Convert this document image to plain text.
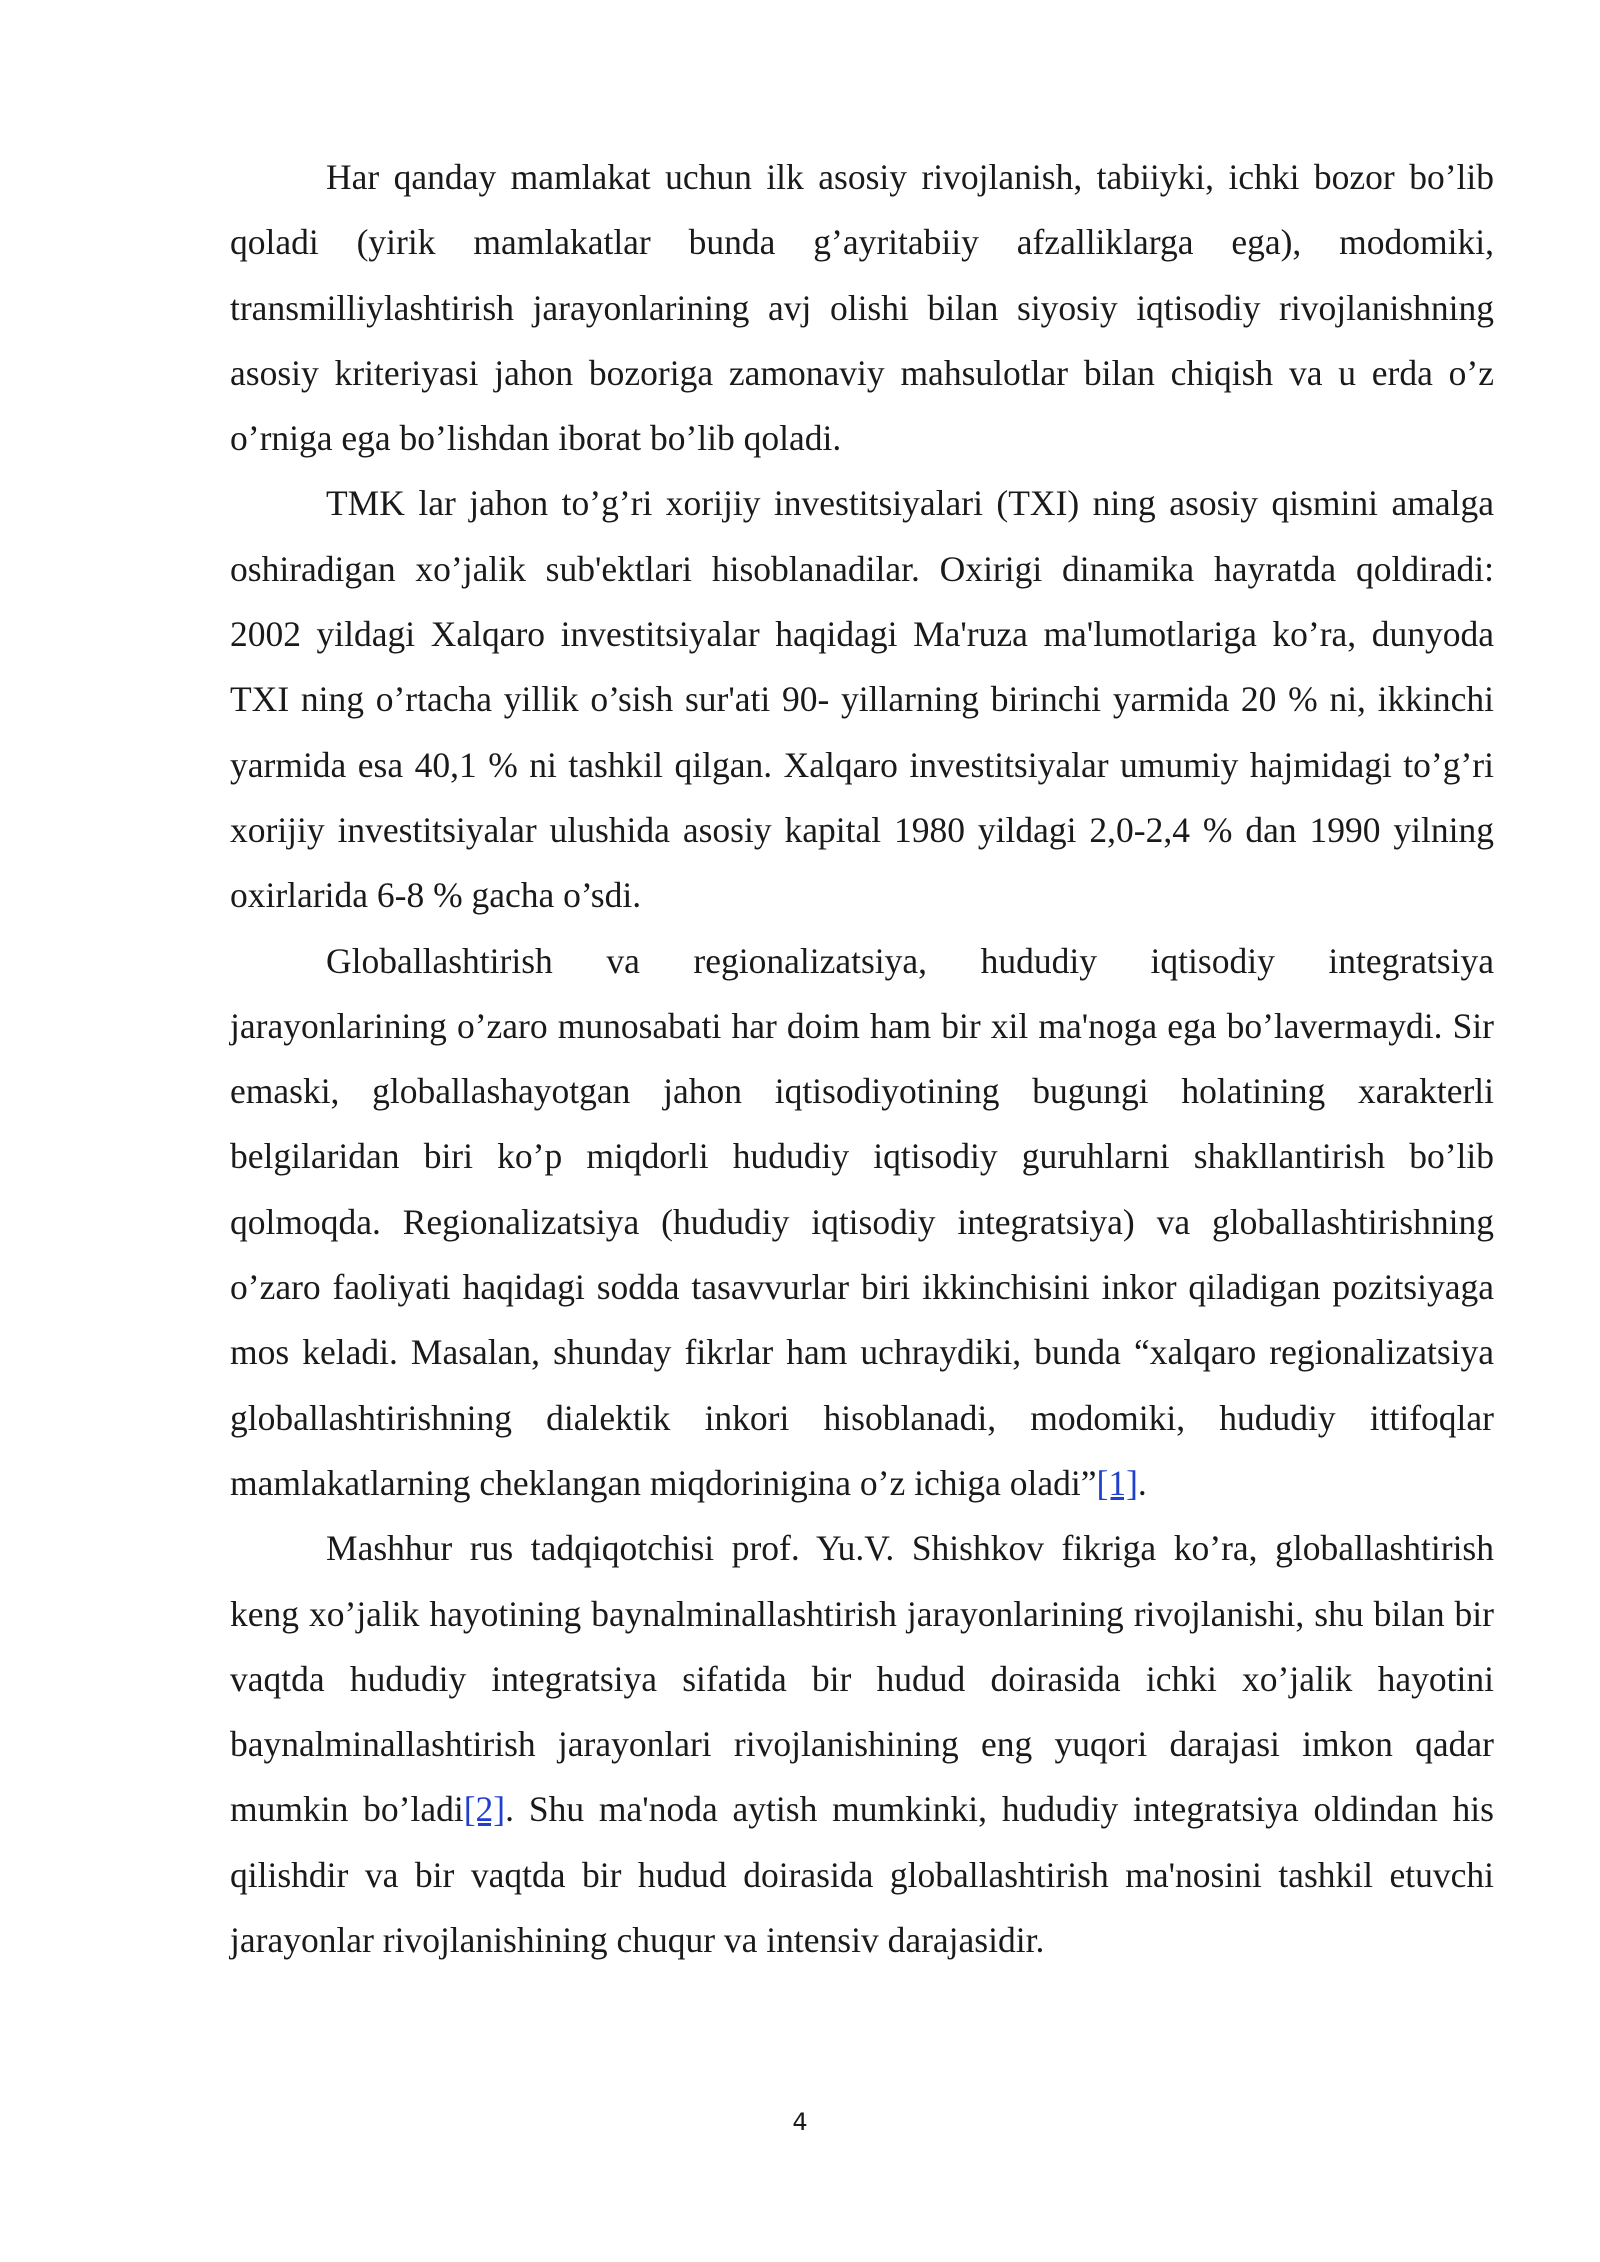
Har qanday mamlakat uchun ilk asosiy rivojlanish, tabiiyki, ichki bozor bo’lib qoladi (yirik mamlakatlar bunda g’ayritabiiy afzalliklarga ega), modomiki, transmilliylashtirish jarayonlarining avj olishi bilan siyosiy iqtisodiy rivojlanishning asosiy kriteriyasi jahon bozoriga zamonaviy mahsulotlar bilan chiqish va u erda o’z o’rniga ega bo’lishdan iborat bo’lib qoladi.

TMK lar jahon to’g’ri xorijiy investitsiyalari (TXI) ning asosiy qismini amalga oshiradigan xo’jalik sub'ektlari hisoblanadilar. Oxirigi dinamika hayratda qoldiradi: 2002 yildagi Xalqaro investitsiyalar haqidagi Ma'ruza ma'lumotlariga ko’ra, dunyoda TXI ning o’rtacha yillik o’sish sur'ati 90- yillarning birinchi yarmida 20 % ni, ikkinchi yarmida esa 40,1 % ni tashkil qilgan. Xalqaro investitsiyalar umumiy hajmidagi to’g’ri xorijiy investitsiyalar ulushida asosiy kapital 1980 yildagi 2,0-2,4 % dan 1990 yilning oxirlarida 6-8 % gacha o’sdi.

Globallashtirish va regionalizatsiya, hududiy iqtisodiy integratsiya jarayonlarining o’zaro munosabati har doim ham bir xil ma'noga ega bo’lavermaydi. Sir emaski, globallashayotgan jahon iqtisodiyotining bugungi holatining xarakterli belgilaridan biri ko’p miqdorli hududiy iqtisodiy guruhlarni shakllantirish bo’lib qolmoqda. Regionalizatsiya (hududiy iqtisodiy integratsiya) va globallashtirishning o’zaro faoliyati haqidagi sodda tasavvurlar biri ikkinchisini inkor qiladigan pozitsiyaga mos keladi. Masalan, shunday fikrlar ham uchraydiki, bunda “xalqaro regionalizatsiya globallashtirishning dialektik inkori hisoblanadi, modomiki, hududiy ittifoqlar mamlakatlarning cheklangan miqdorinigina o’z ichiga oladi”[1].

Mashhur rus tadqiqotchisi prof. Yu.V. Shishkov fikriga ko’ra, globallashtirish keng xo’jalik hayotining baynalminallashtirish jarayonlarining rivojlanishi, shu bilan bir vaqtda hududiy integratsiya sifatida bir hudud doirasida ichki xo’jalik hayotini baynalminallashtirish jarayonlari rivojlanishining eng yuqori darajasi imkon qadar mumkin bo’ladi[2]. Shu ma'noda aytish mumkinki, hududiy integratsiya oldindan his qilishdir va bir vaqtda bir hudud doirasida globallashtirish ma'nosini tashkil etuvchi jarayonlar rivojlanishining chuqur va intensiv darajasidir.

4
